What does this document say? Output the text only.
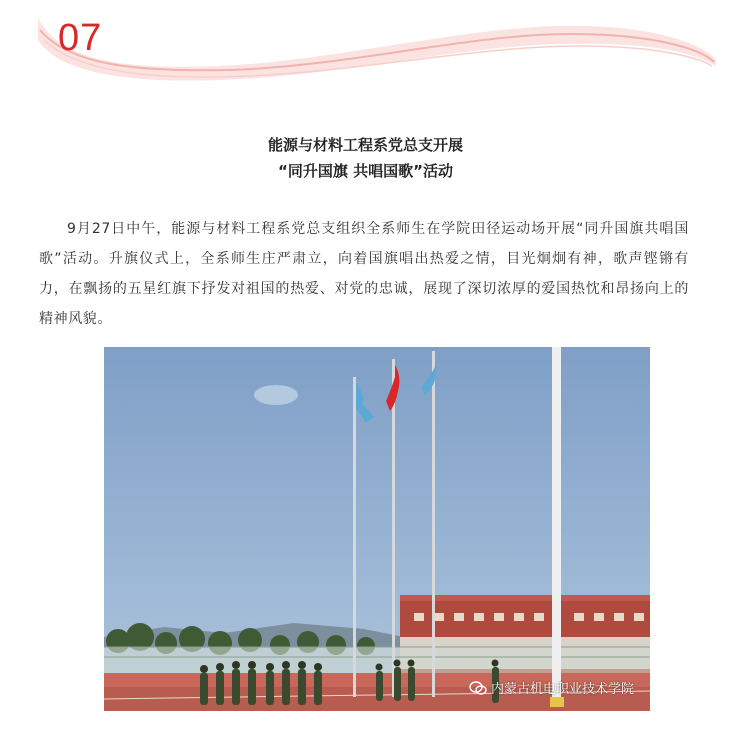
07
能源与材料工程系党总支开展
“同升国旗 共唱国歌”活动
9月27日中午，能源与材料工程系党总支组织全系师生在学院田径运动场开展“同升国旗共唱国歌”活动。升旗仪式上，全系师生庄严肃立，向着国旗唱出热爱之情，目光炯炯有神，歌声铿锵有力，在飘扬的五星红旗下抒发对祖国的热爱、对党的忠诚，展现了深切浓厚的爱国热忱和昂扬向上的精神风貌。
内蒙古机电职业技术学院
